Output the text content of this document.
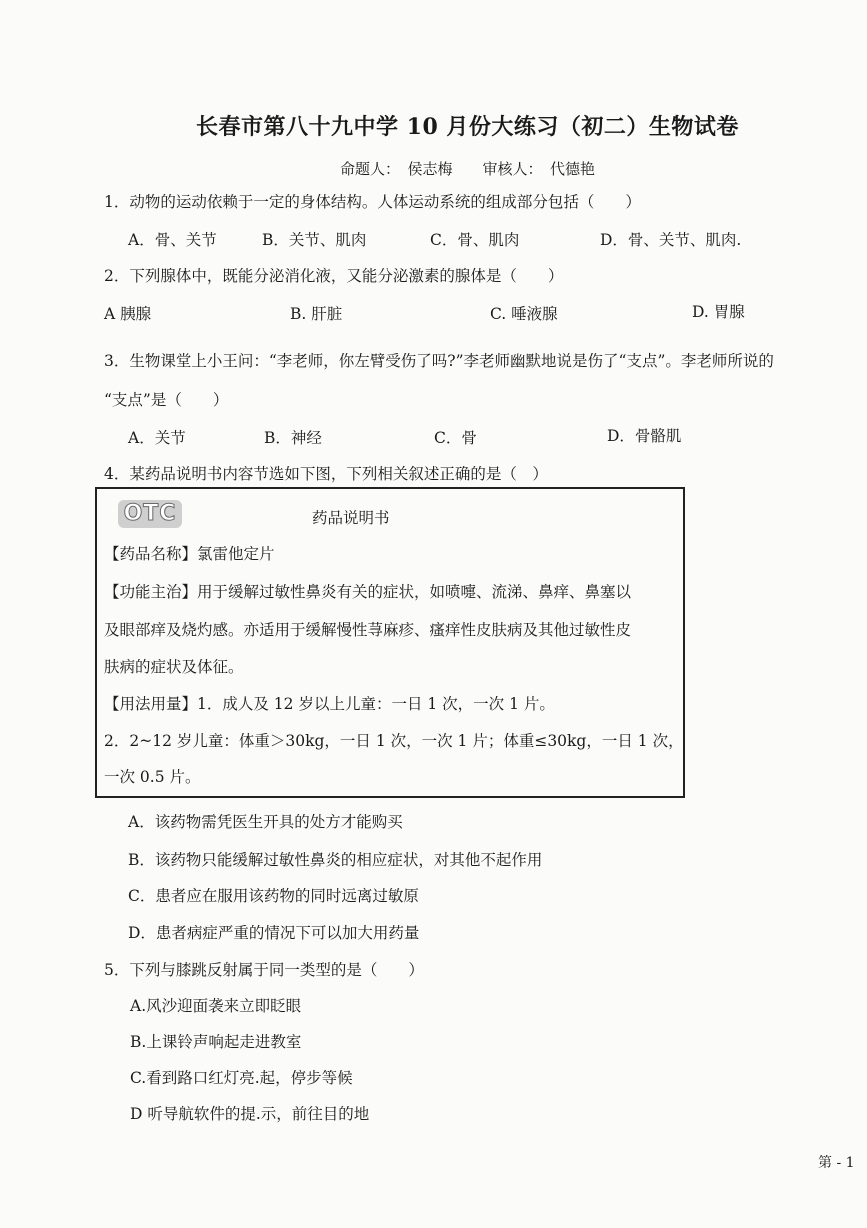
长春市第八十九中学 10 月份大练习（初二）生物试卷
命题人：　侯志梅　　审核人：　代德艳
1．动物的运动依赖于一定的身体结构。人体运动系统的组成部分包括（　　）
A．骨、关节	B．关节、肌肉	C．骨、肌肉	D．骨、关节、肌肉.
2．下列腺体中，既能分泌消化液，又能分泌激素的腺体是（　　）
A 胰腺	B. 肝脏	C. 唾液腺	D. 胃腺
3．生物课堂上小王问：“李老师，你左臂受伤了吗?”李老师幽默地说是伤了“支点”。李老师所说的
“支点”是（　　）
A．关节	B．神经	C．骨	D．骨骼肌
4．某药品说明书内容节选如下图，下列相关叙述正确的是（　）
OTC	药品说明书
【药品名称】氯雷他定片
【功能主治】用于缓解过敏性鼻炎有关的症状，如喷嚏、流涕、鼻痒、鼻塞以
及眼部痒及烧灼感。亦适用于缓解慢性荨麻疹、瘙痒性皮肤病及其他过敏性皮
肤病的症状及体征。
【用法用量】1．成人及 12 岁以上儿童：一日 1 次，一次 1 片。
2．2~12 岁儿童：体重＞30kg，一日 1 次，一次 1 片；体重≤30kg，一日 1 次，
一次 0.5 片。
A．该药物需凭医生开具的处方才能购买
B．该药物只能缓解过敏性鼻炎的相应症状，对其他不起作用
C．患者应在服用该药物的同时远离过敏原
D．患者病症严重的情况下可以加大用药量
5．下列与膝跳反射属于同一类型的是（　　）
A.风沙迎面袭来立即眨眼
B.上课铃声响起走进教室
C.看到路口红灯亮.起，停步等候
D 听导航软件的提.示，前往目的地
第 - 1
